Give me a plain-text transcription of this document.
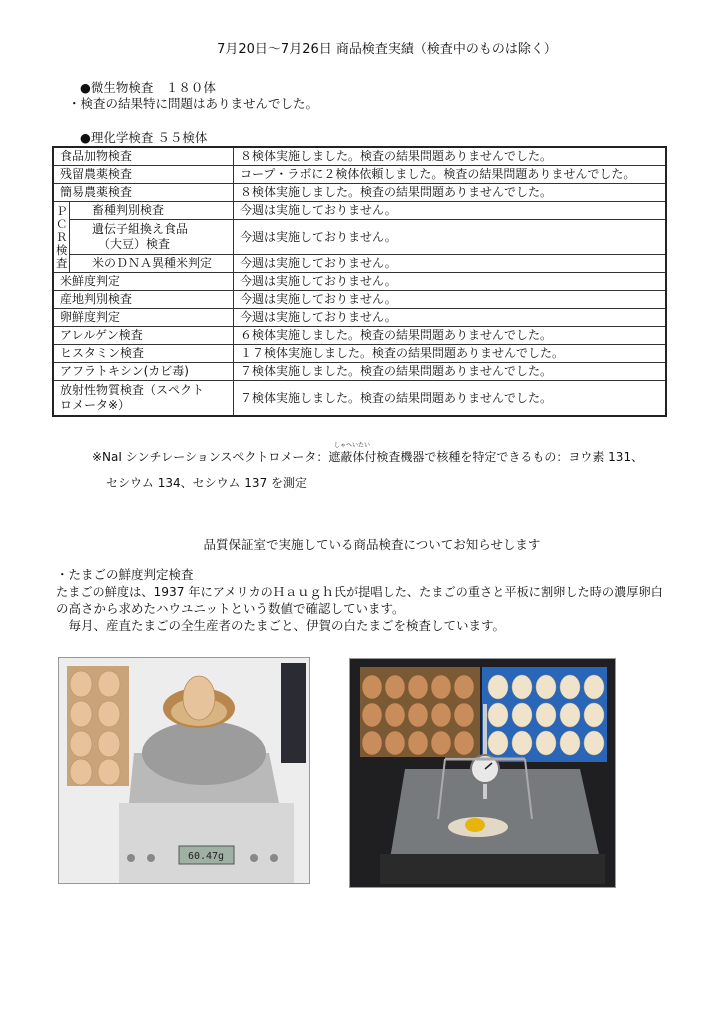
7月20日～7月26日 商品検査実績（検査中のものは除く）
●微生物検査　１８０体
・検査の結果特に問題はありませんでした。
●理化学検査 ５５検体
食品加物検査		８検体実施しました。検査の結果問題ありませんでした。
残留農薬検査		コープ・ラボに２検体依頼しました。検査の結果問題ありませんでした。
簡易農薬検査		８検体実施しました。検査の結果問題ありませんでした。
ＰＣＲ検査	畜種判別検査	今週は実施しておりません。

	遺伝子組換え食品
（大豆）検査	今週は実施しておりません。
	米のＤＮＡ異種米判定	今週は実施しておりません。
米鮮度判定		今週は実施しておりません。
産地判別検査		今週は実施しておりません。
卵鮮度判定		今週は実施しておりません。
アレルゲン検査		６検体実施しました。検査の結果問題ありませんでした。
ヒスタミン検査		１７検体実施しました。検査の結果問題ありませんでした。
アフラトキシン(カビ毒)		７検体実施しました。検査の結果問題ありませんでした。

放射性物質検査（スペクト
ロメータ※）		７検体実施しました。検査の結果問題ありませんでした。
しゃへいたい
※NaI シンチレーションスペクトロメータ：遮蔽体付検査機器で核種を特定できるもの：ヨウ素 131、
セシウム 134、セシウム 137 を測定
品質保証室で実施している商品検査についてお知らせします
・たまごの鮮度判定検査
たまごの鮮度は、1937 年にアメリカのＨａｕｇｈ氏が提唱した、たまごの重さと平板に割卵した時の濃厚卵白
の高さから求めたハウユニットという数値で確認しています。
　毎月、産直たまごの全生産者のたまごと、伊賀の白たまごを検査しています。
60.47g
